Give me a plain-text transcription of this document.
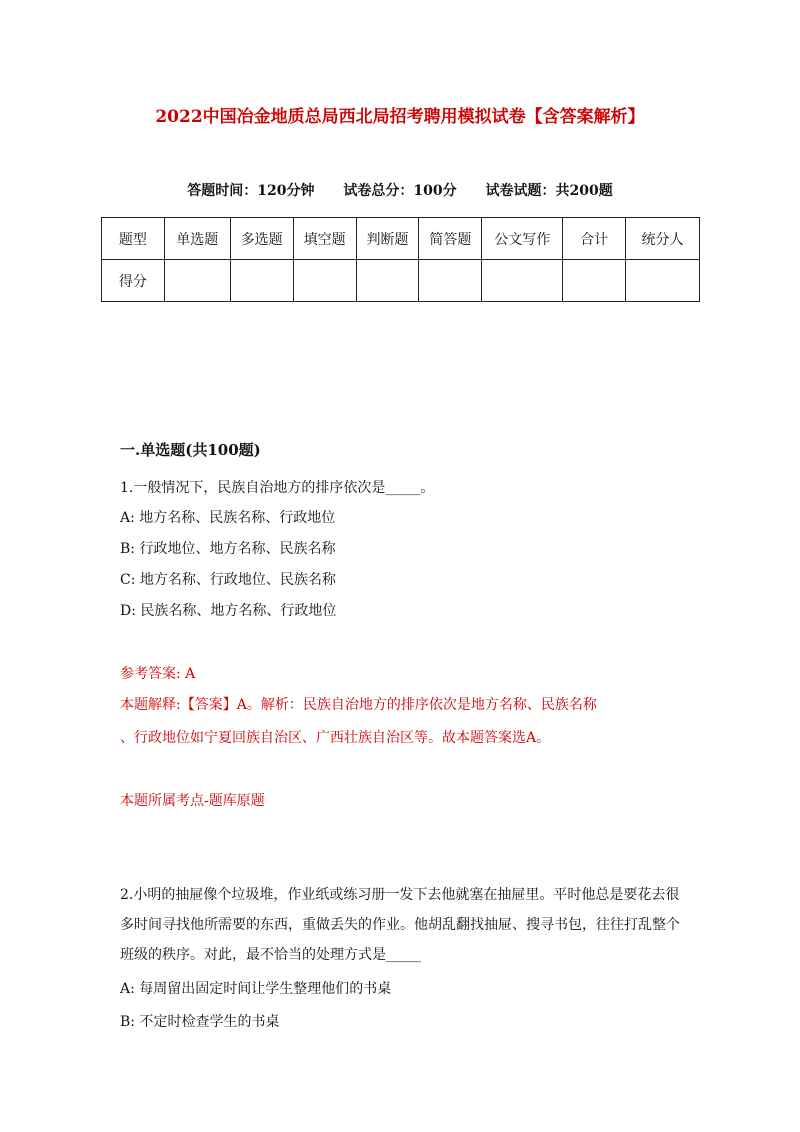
2022中国冶金地质总局西北局招考聘用模拟试卷【含答案解析】
答题时间：120分钟 试卷总分：100分 试卷试题：共200题
题型	单选题	多选题	填空题	判断题	简答题	公文写作	合计	统分人
得分								
一.单选题(共100题)
1.一般情况下，民族自治地方的排序依次是_____。
A: 地方名称、民族名称、行政地位
B: 行政地位、地方名称、民族名称
C: 地方名称、行政地位、民族名称
D: 民族名称、地方名称、行政地位
参考答案: A
本题解释:【答案】A。解析：民族自治地方的排序依次是地方名称、民族名称
、行政地位如宁夏回族自治区、广西壮族自治区等。故本题答案选A。
本题所属考点-题库原题
2.小明的抽屉像个垃圾堆，作业纸或练习册一发下去他就塞在抽屉里。平时他总是要花去很多时间寻找他所需要的东西，重做丢失的作业。他胡乱翻找抽屉、搜寻书包，往往打乱整个班级的秩序。对此，最不恰当的处理方式是_____
A: 每周留出固定时间让学生整理他们的书桌
B: 不定时检查学生的书桌
